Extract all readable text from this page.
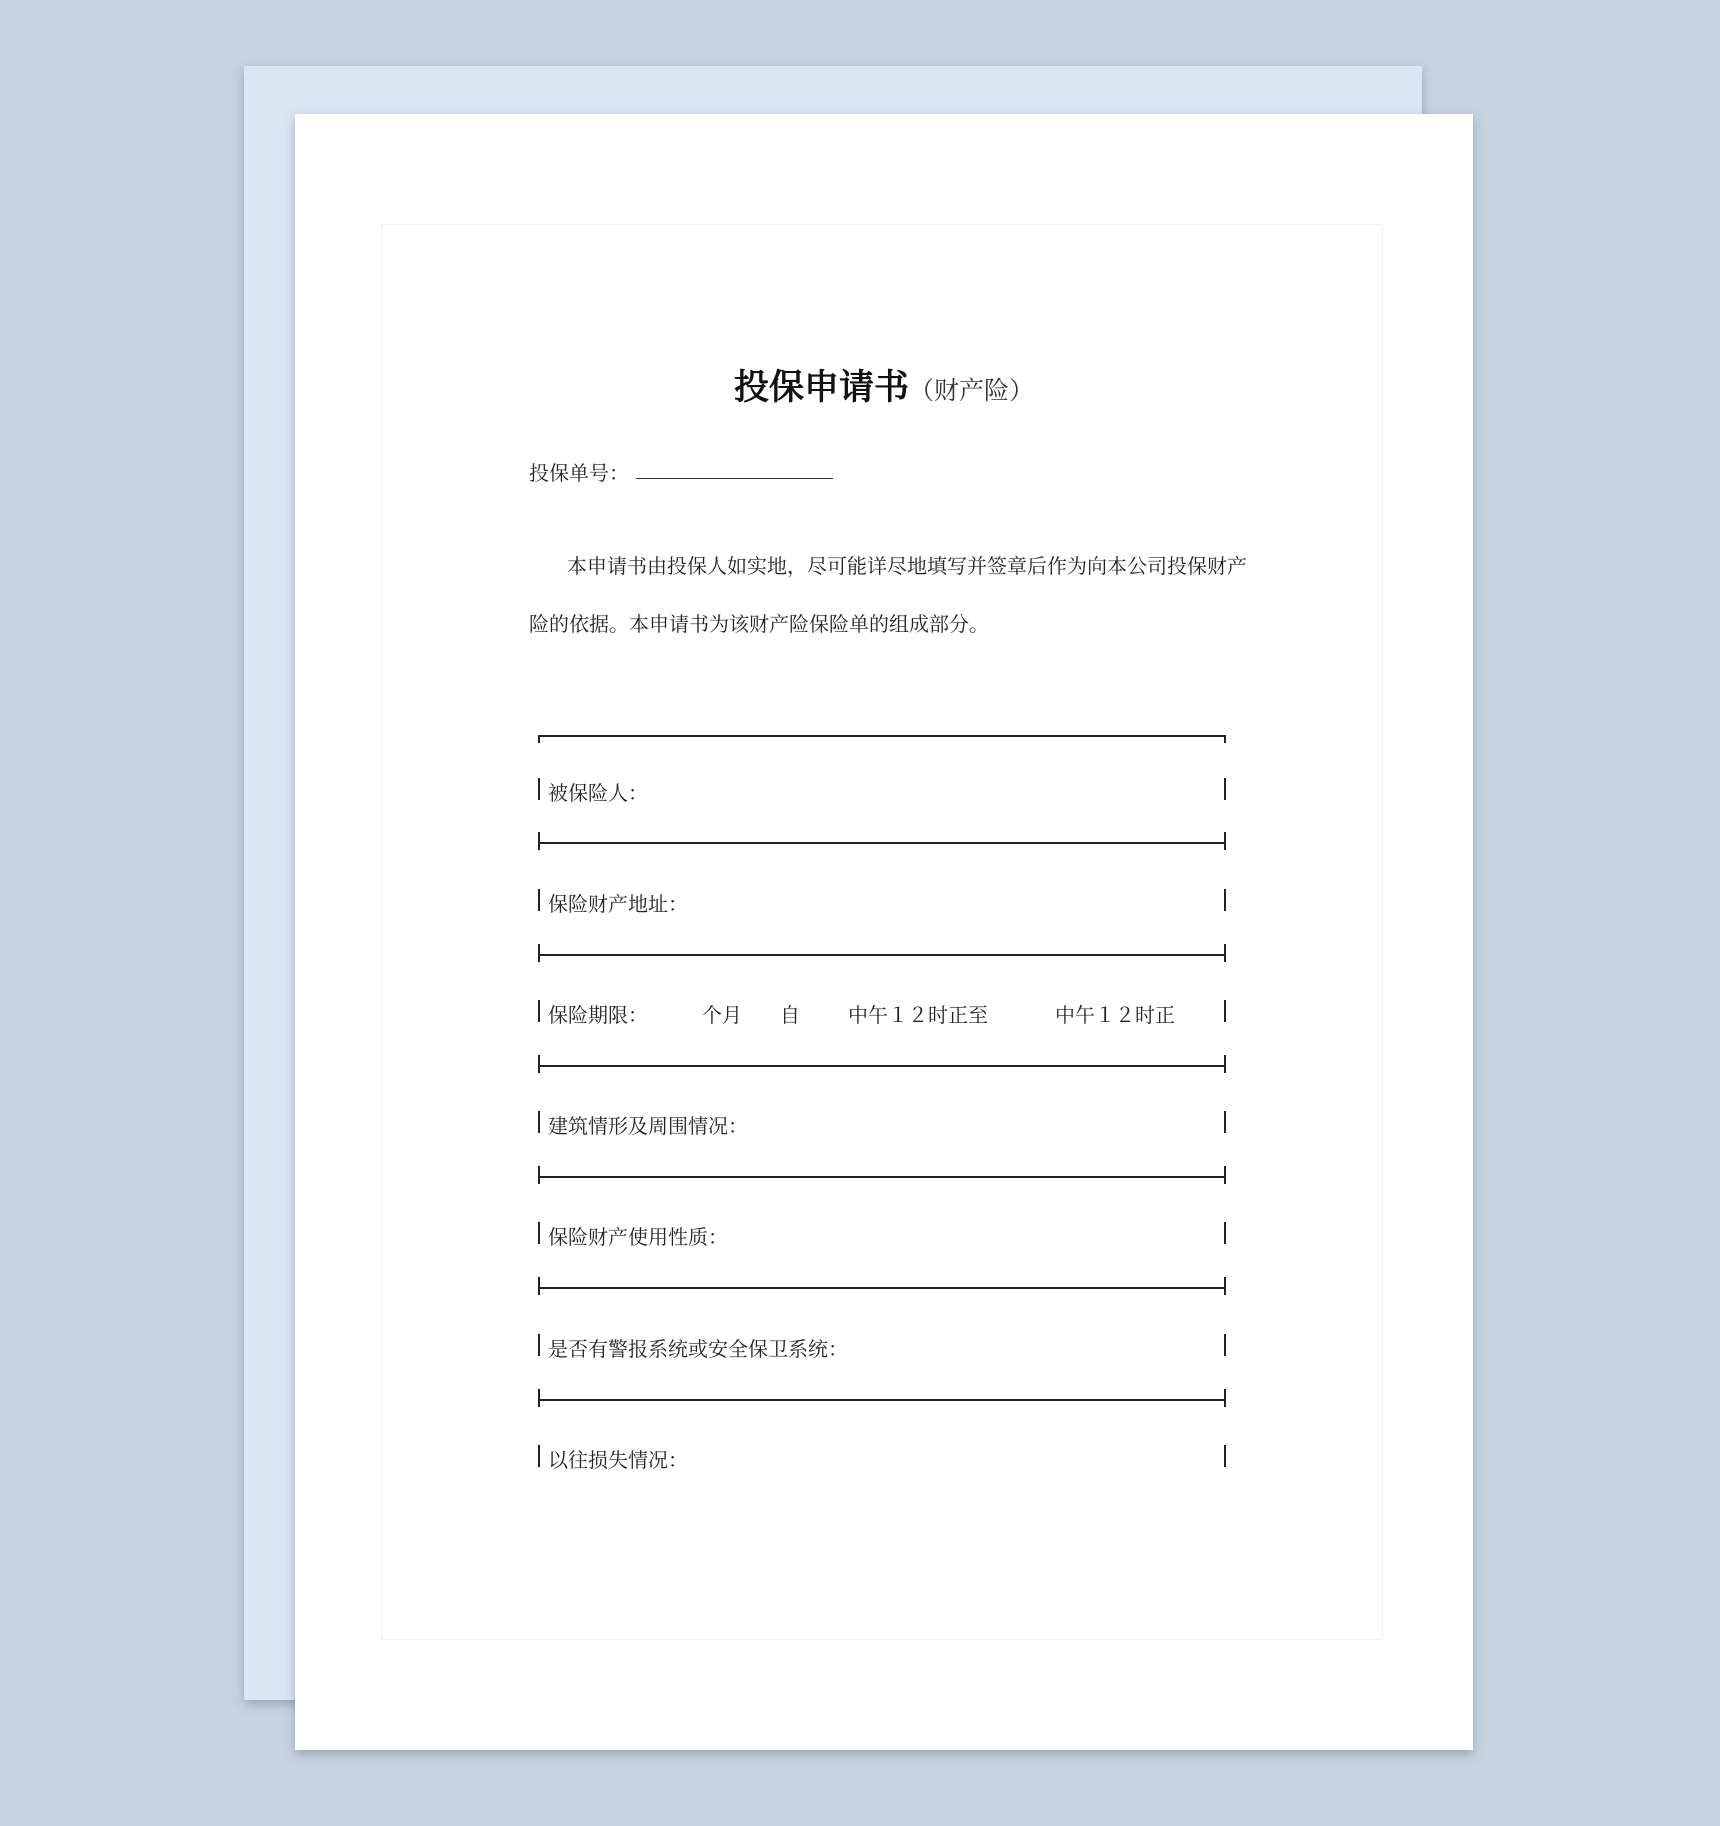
投保申请书（财产险）
投保单号：
本申请书由投保人如实地，尽可能详尽地填写并签章后作为向本公司投保财产
险的依据。本申请书为该财产险保险单的组成部分。
被保险人：
保险财产地址：
保险期限：	个月 自 中午１２时正至	中午１２时正
建筑情形及周围情况：
保险财产使用性质：
是否有警报系统或安全保卫系统：
以往损失情况：
